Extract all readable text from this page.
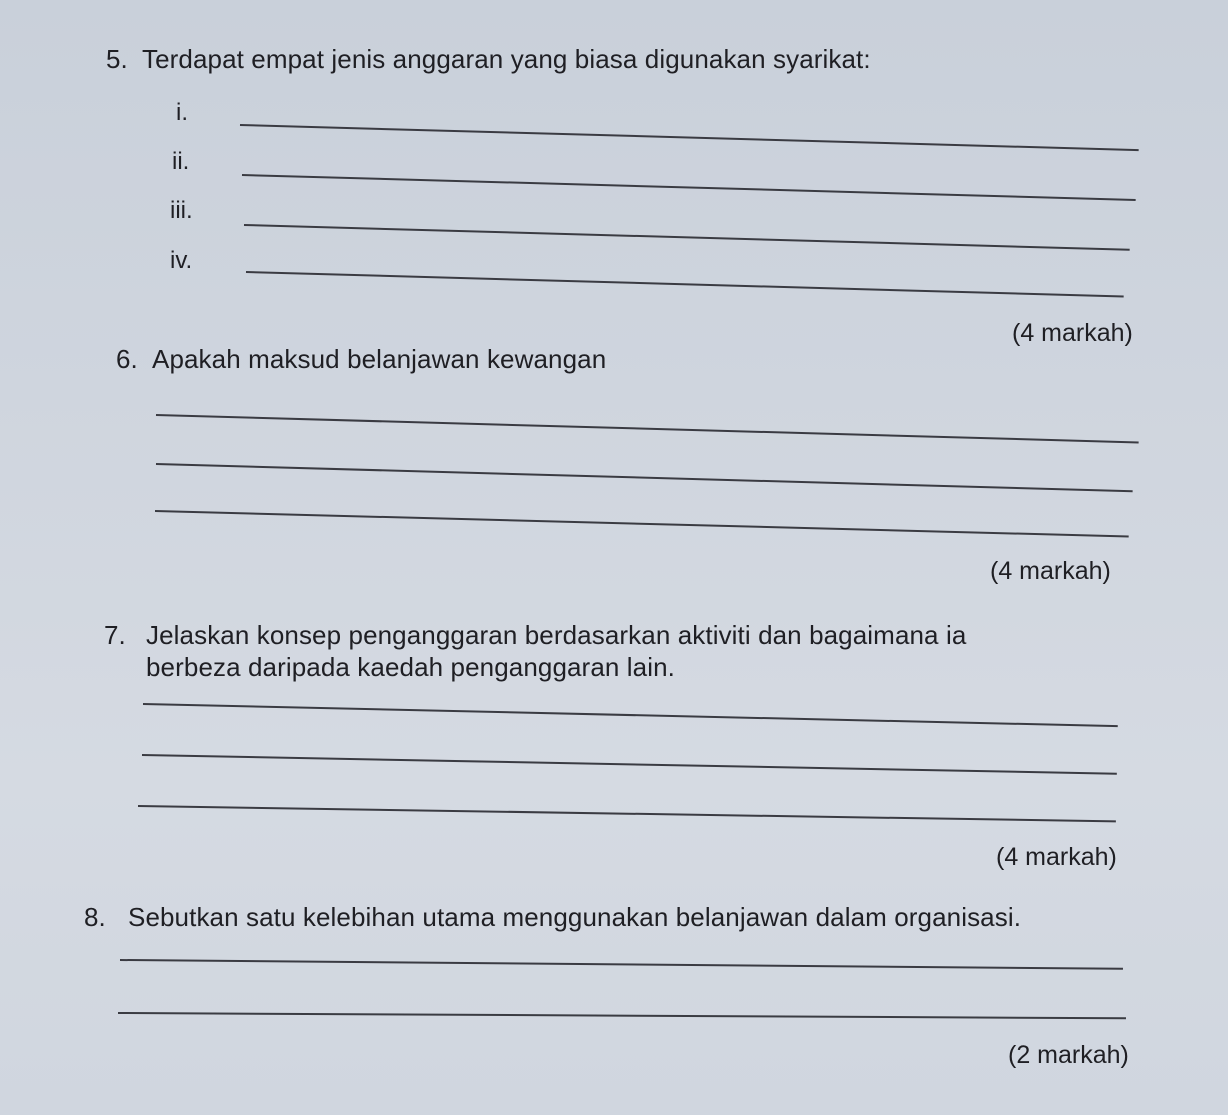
5. Terdapat empat jenis anggaran yang biasa digunakan syarikat:
i.
ii.
iii.
iv.
(4 markah)
6. Apakah maksud belanjawan kewangan
(4 markah)
7. Jelaskan konsep penganggaran berdasarkan aktiviti dan bagaimana ia
berbeza daripada kaedah penganggaran lain.
(4 markah)
8. Sebutkan satu kelebihan utama menggunakan belanjawan dalam organisasi.
(2 markah)
